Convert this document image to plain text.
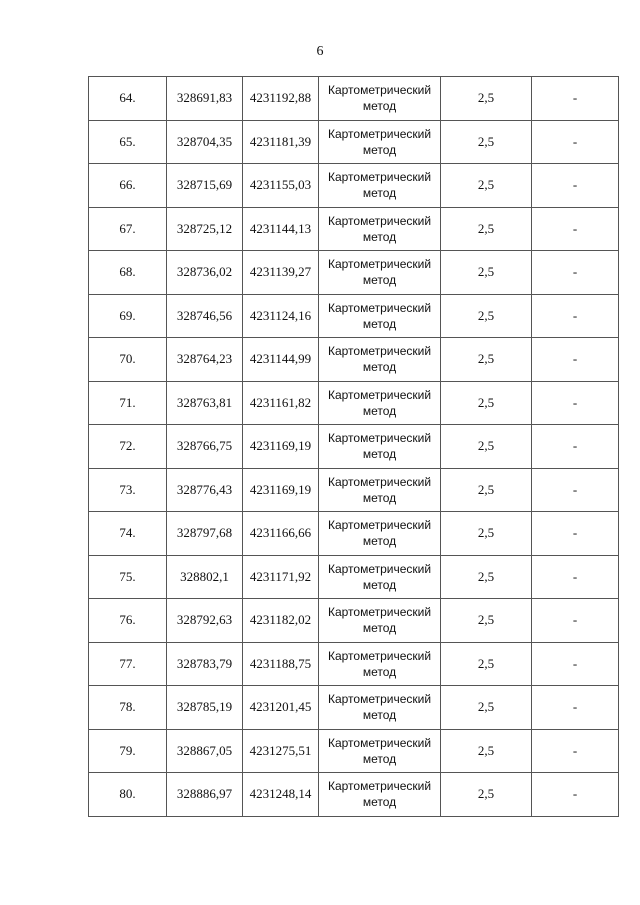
6
64.	328691,83	4231192,88	Картометрический метод	2,5	-
65.	328704,35	4231181,39	Картометрический метод	2,5	-
66.	328715,69	4231155,03	Картометрический метод	2,5	-
67.	328725,12	4231144,13	Картометрический метод	2,5	-
68.	328736,02	4231139,27	Картометрический метод	2,5	-
69.	328746,56	4231124,16	Картометрический метод	2,5	-
70.	328764,23	4231144,99	Картометрический метод	2,5	-
71.	328763,81	4231161,82	Картометрический метод	2,5	-
72.	328766,75	4231169,19	Картометрический метод	2,5	-
73.	328776,43	4231169,19	Картометрический метод	2,5	-
74.	328797,68	4231166,66	Картометрический метод	2,5	-
75.	328802,1	4231171,92	Картометрический метод	2,5	-
76.	328792,63	4231182,02	Картометрический метод	2,5	-
77.	328783,79	4231188,75	Картометрический метод	2,5	-
78.	328785,19	4231201,45	Картометрический метод	2,5	-
79.	328867,05	4231275,51	Картометрический метод	2,5	-
80.	328886,97	4231248,14	Картометрический метод	2,5	-
